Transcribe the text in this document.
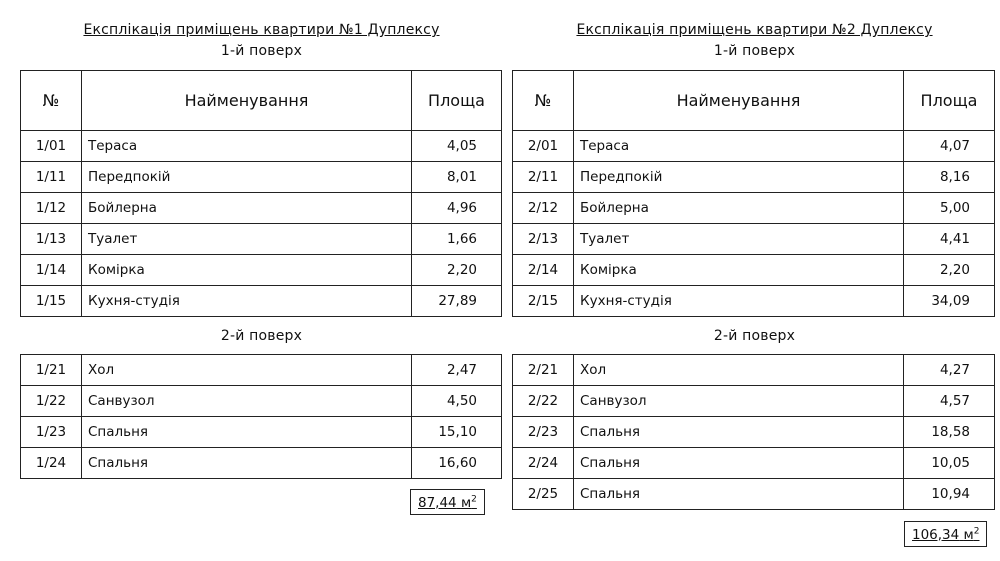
Експлікація приміщень квартири №1 Дуплексу
1-й поверх
№	Найменування	Площа
1/01	Тераса	4,05
1/11	Передпокій	8,01
1/12	Бойлерна	4,96
1/13	Туалет	1,66
1/14	Комірка	2,20
1/15	Кухня-студія	27,89
2-й поверх
1/21	Хол	2,47
1/22	Санвузол	4,50
1/23	Спальня	15,10
1/24	Спальня	16,60
87,44 $м^2$
Експлікація приміщень квартири №2 Дуплексу
1-й поверх
№	Найменування	Площа
2/01	Тераса	4,07
2/11	Передпокій	8,16
2/12	Бойлерна	5,00
2/13	Туалет	4,41
2/14	Комірка	2,20
2/15	Кухня-студія	34,09
2-й поверх
2/21	Хол	4,27
2/22	Санвузол	4,57
2/23	Спальня	18,58
2/24	Спальня	10,05
2/25	Спальня	10,94
106,34 $м^2$
